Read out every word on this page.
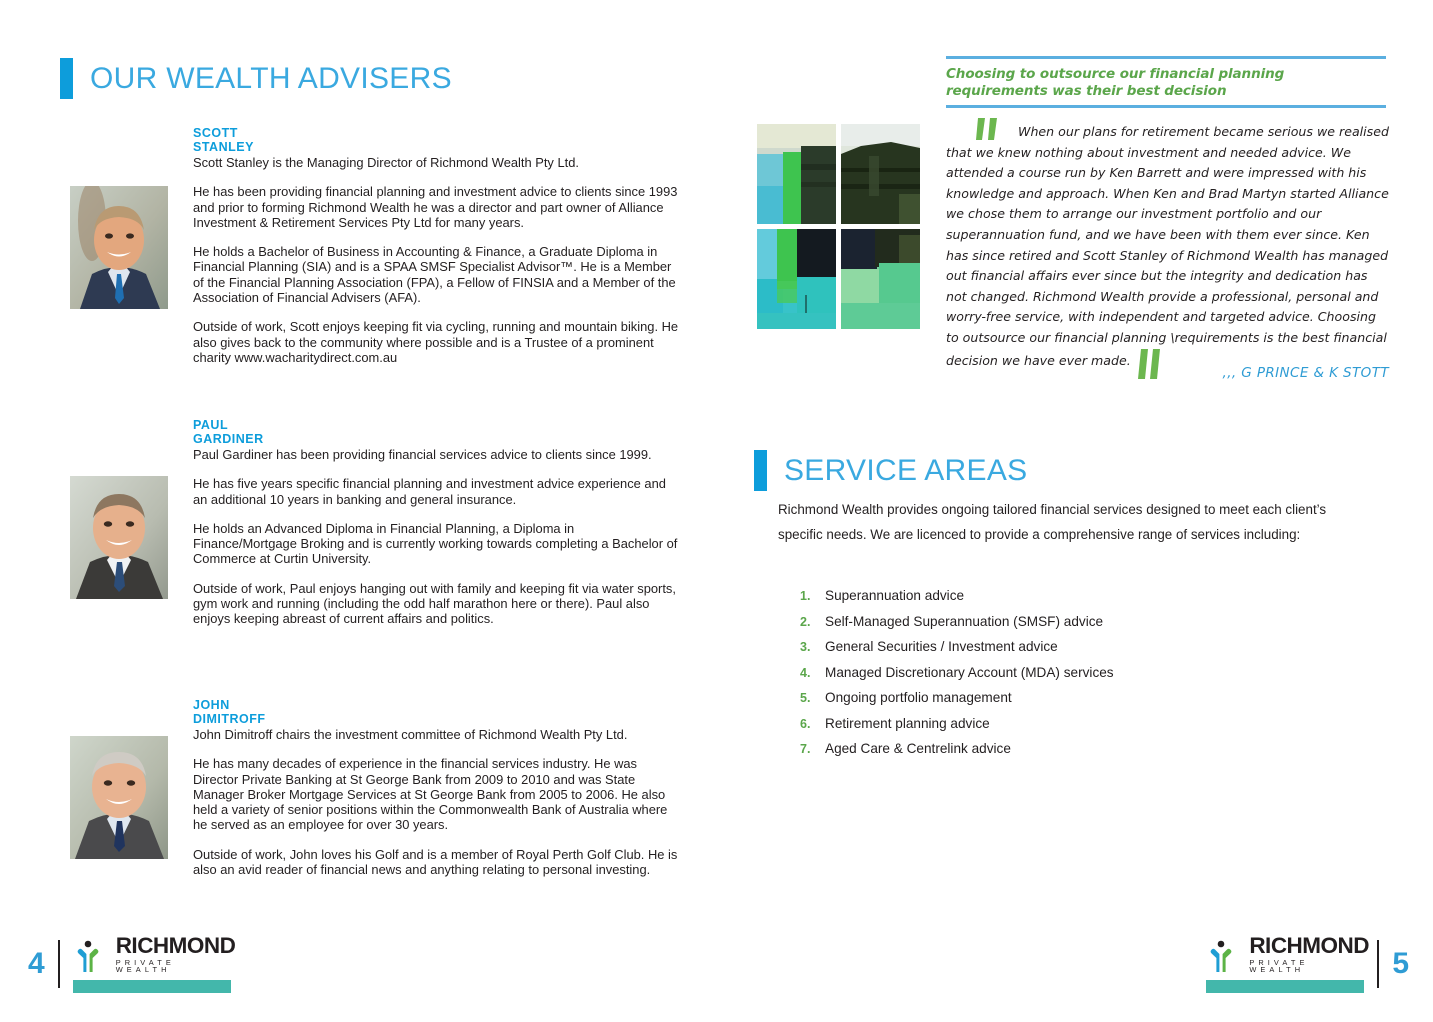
OUR WEALTH ADVISERS
SCOTT STANLEY

Scott Stanley is the Managing Director of Richmond Wealth Pty Ltd.

He has been providing financial planning and investment advice to clients since 1993 and prior to forming Richmond Wealth he was a director and part owner of Alliance Investment & Retirement Services Pty Ltd for many years.

He holds a Bachelor of Business in Accounting & Finance, a Graduate Diploma in Financial Planning (SIA) and is a SPAA SMSF Specialist Advisor™. He is a Member of the Financial Planning Association (FPA), a Fellow of FINSIA and a Member of the Association of Financial Advisers (AFA).

Outside of work, Scott enjoys keeping fit via cycling, running and mountain biking. He also gives back to the community where possible and is a Trustee of a prominent charity www.wacharitydirect.com.au

PAUL GARDINER

Paul Gardiner has been providing financial services advice to clients since 1999.

He has five years specific financial planning and investment advice experience and an additional 10 years in banking and general insurance.

He holds an Advanced Diploma in Financial Planning, a Diploma in Finance/Mortgage Broking and is currently working towards completing a Bachelor of Commerce at Curtin University.

Outside of work, Paul enjoys hanging out with family and keeping fit via water sports, gym work and running (including the odd half marathon here or there). Paul also enjoys keeping abreast of current affairs and politics.

JOHN DIMITROFF

John Dimitroff chairs the investment committee of Richmond Wealth Pty Ltd.

He has many decades of experience in the financial services industry. He was Director Private Banking at St George Bank from 2009 to 2010 and was State Manager Broker Mortgage Services at St George Bank from 2005 to 2006. He also held a variety of senior positions within the Commonwealth Bank of Australia where he served as an employee for over 30 years.

Outside of work, John loves his Golf and is a member of Royal Perth Golf Club. He is also an avid reader of financial news and anything relating to personal investing.

Choosing to outsource our financial planning requirements was their best decision
When our plans for retirement became serious we realised that we knew nothing about investment and needed advice. We attended a course run by Ken Barrett and were impressed with his knowledge and approach. When Ken and Brad Martyn started Alliance we chose them to arrange our investment portfolio and our superannuation fund, and we have been with them ever since. Ken has since retired and Scott Stanley of Richmond Wealth has managed out financial affairs ever since but the integrity and dedication has not changed. Richmond Wealth provide a professional, personal and worry-free service, with independent and targeted advice. Choosing to outsource our financial planning \requirements is the best financial decision we have ever made.
,,, G PRINCE & K STOTT
SERVICE AREAS
Richmond Wealth provides ongoing tailored financial services designed to meet each client’s specific needs. We are licenced to provide a comprehensive range of services including:
1.	Superannuation advice
2.	Self-Managed Superannuation (SMSF) advice
3.	General Securities / Investment advice
4.	Managed Discretionary Account (MDA) services
5.	Ongoing portfolio management
6.	Retirement planning advice
7.	Aged Care & Centrelink advice
4
RICHMOND
PRIVATE WEALTH
RICHMOND
PRIVATE WEALTH	5
